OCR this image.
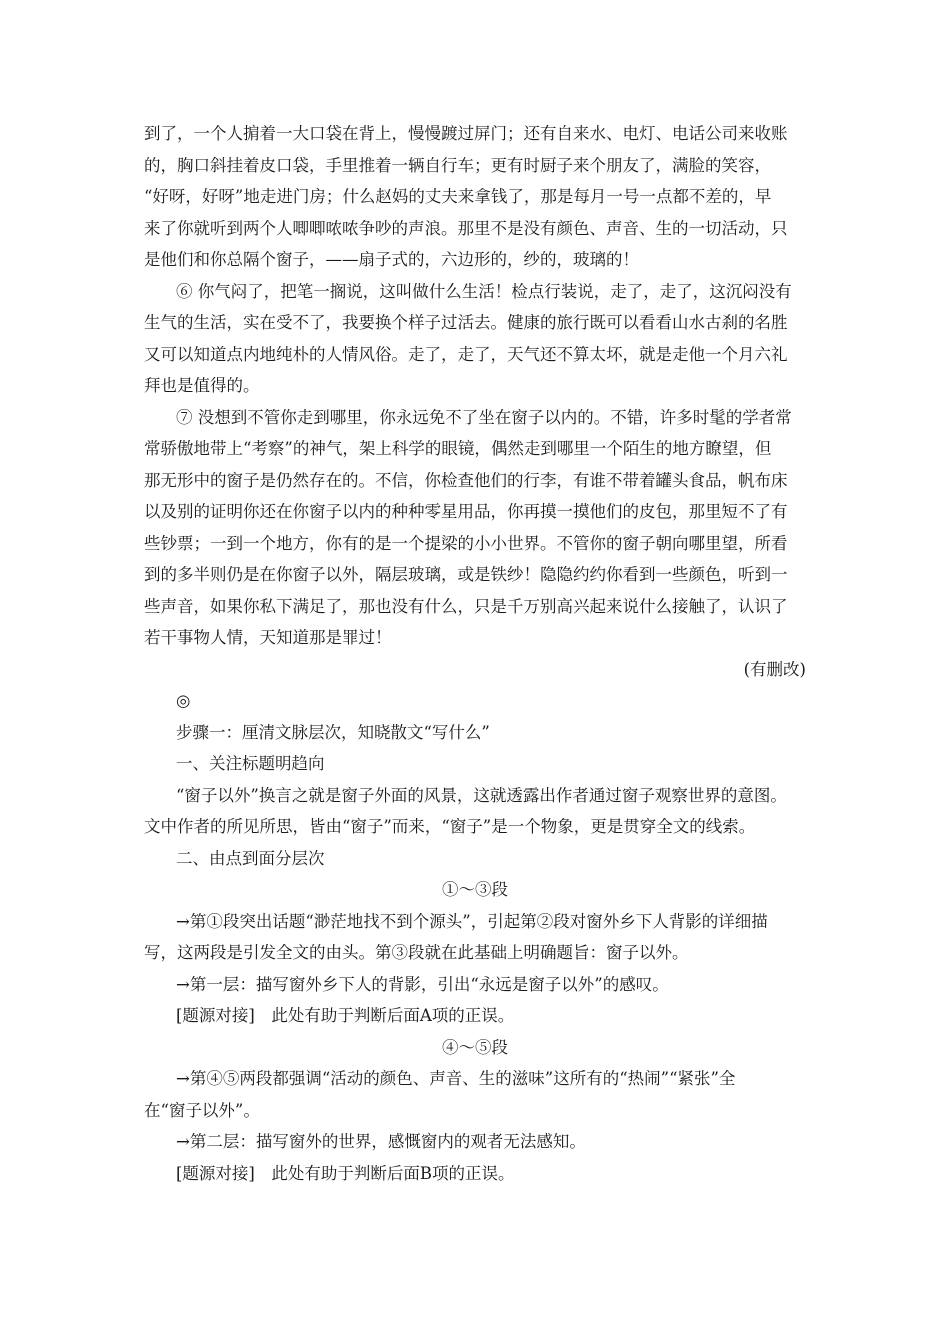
到了，一个人掮着一大口袋在背上，慢慢踱过屏门；还有自来水、电灯、电话公司来收账
的，胸口斜挂着皮口袋，手里推着一辆自行车；更有时厨子来个朋友了，满脸的笑容，
“好呀，好呀”地走进门房；什么赵妈的丈夫来拿钱了，那是每月一号一点都不差的，早
来了你就听到两个人唧唧哝哝争吵的声浪。那里不是没有颜色、声音、生的一切活动，只
是他们和你总隔个窗子，——扇子式的，六边形的，纱的，玻璃的！
⑥ 你气闷了，把笔一搁说，这叫做什么生活！检点行装说，走了，走了，这沉闷没有
生气的生活，实在受不了，我要换个样子过活去。健康的旅行既可以看看山水古刹的名胜
又可以知道点内地纯朴的人情风俗。走了，走了，天气还不算太坏，就是走他一个月六礼
拜也是值得的。
⑦ 没想到不管你走到哪里，你永远免不了坐在窗子以内的。不错，许多时髦的学者常
常骄傲地带上“考察”的神气，架上科学的眼镜，偶然走到哪里一个陌生的地方瞭望，但
那无形中的窗子是仍然存在的。不信，你检查他们的行李，有谁不带着罐头食品，帆布床
以及别的证明你还在你窗子以内的种种零星用品，你再摸一摸他们的皮包，那里短不了有
些钞票；一到一个地方，你有的是一个提梁的小小世界。不管你的窗子朝向哪里望，所看
到的多半则仍是在你窗子以外，隔层玻璃，或是铁纱！隐隐约约你看到一些颜色，听到一
些声音，如果你私下满足了，那也没有什么，只是千万别高兴起来说什么接触了，认识了
若干事物人情，天知道那是罪过！
(有删改)
◎
步骤一：厘清文脉层次，知晓散文“写什么”
一、关注标题明趋向
“窗子以外”换言之就是窗子外面的风景，这就透露出作者通过窗子观察世界的意图。
文中作者的所见所思，皆由“窗子”而来，“窗子”是一个物象，更是贯穿全文的线索。
二、由点到面分层次
①～③段
→第①段突出话题“渺茫地找不到个源头”，引起第②段对窗外乡下人背影的详细描
写，这两段是引发全文的由头。第③段就在此基础上明确题旨：窗子以外。
→第一层：描写窗外乡下人的背影，引出“永远是窗子以外”的感叹。
[题源对接]　此处有助于判断后面A项的正误。
④～⑤段
→第④⑤两段都强调“活动的颜色、声音、生的滋味”这所有的“热闹”“紧张”全
在“窗子以外”。
→第二层：描写窗外的世界，感慨窗内的观者无法感知。
[题源对接]　此处有助于判断后面B项的正误。
